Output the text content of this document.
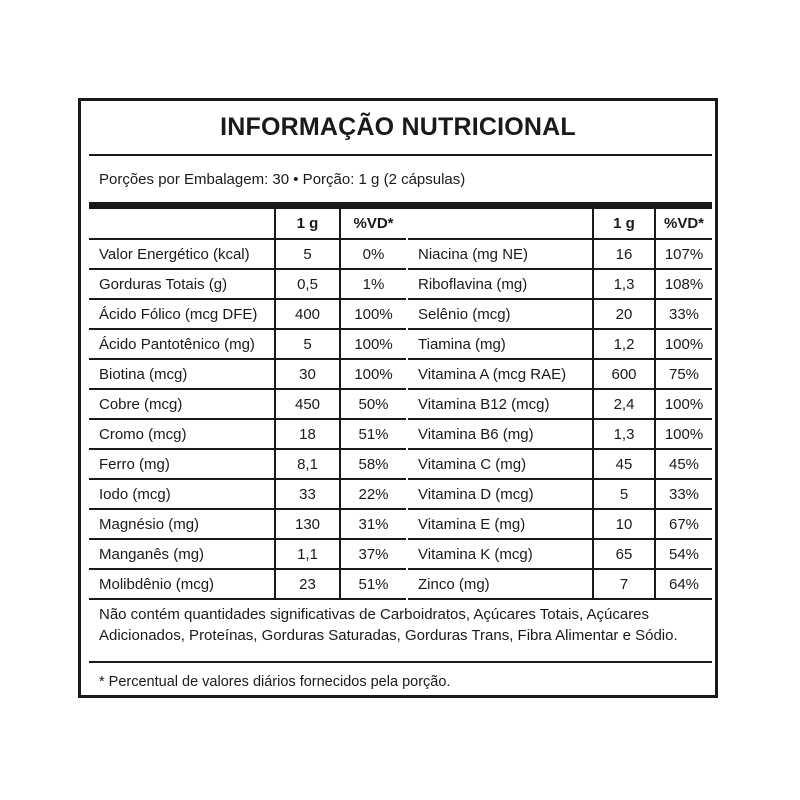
INFORMAÇÃO NUTRICIONAL
Porções por Embalagem: 30 • Porção: 1 g (2 cápsulas)
	1 g	%VD*
Valor Energético (kcal)	5	0%
Gorduras Totais (g)	0,5	1%
Ácido Fólico (mcg DFE)	400	100%
Ácido Pantotênico (mg)	5	100%
Biotina (mcg)	30	100%
Cobre (mcg)	450	50%
Cromo (mcg)	18	51%
Ferro (mg)	8,1	58%
Iodo (mcg)	33	22%
Magnésio (mg)	130	31%
Manganês (mg)	1,1	37%
Molibdênio (mcg)	23	51%
	1 g	%VD*
Niacina (mg NE)	16	107%
Riboflavina (mg)	1,3	108%
Selênio (mcg)	20	33%
Tiamina (mg)	1,2	100%
Vitamina A (mcg RAE)	600	75%
Vitamina B12 (mcg)	2,4	100%
Vitamina B6 (mg)	1,3	100%
Vitamina C (mg)	45	45%
Vitamina D (mcg)	5	33%
Vitamina E (mg)	10	67%
Vitamina K (mcg)	65	54%
Zinco (mg)	7	64%
Não contém quantidades significativas de Carboidratos, Açúcares Totais, Açúcares
Adicionados, Proteínas, Gorduras Saturadas, Gorduras Trans, Fibra Alimentar e Sódio.
* Percentual de valores diários fornecidos pela porção.
